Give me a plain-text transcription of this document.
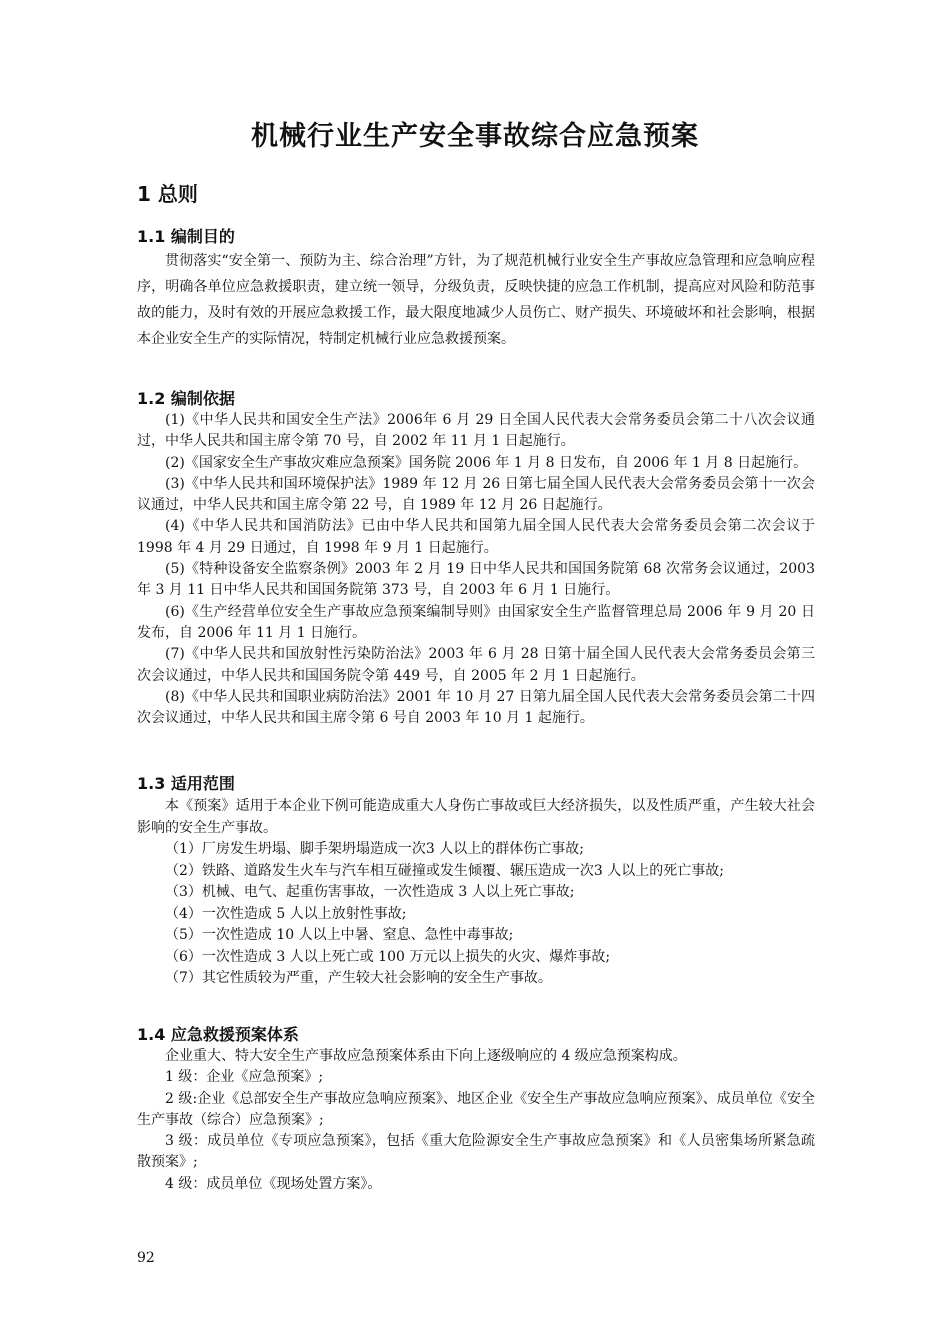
机械行业生产安全事故综合应急预案
1 总则
1.1 编制目的

贯彻落实“安全第一、预防为主、综合治理”方针，为了规范机械行业安全生产事故应急管理和应急响应程序，明确各单位应急救援职责，建立统一领导，分级负责，反映快捷的应急工作机制，提高应对风险和防范事故的能力，及时有效的开展应急救援工作，最大限度地减少人员伤亡、财产损失、环境破坏和社会影响，根据本企业安全生产的实际情况，特制定机械行业应急救援预案。

1.2 编制依据

(1)《中华人民共和国安全生产法》2006年 6 月 29 日全国人民代表大会常务委员会第二十八次会议通过，中华人民共和国主席令第 70 号，自 2002 年 11 月 1 日起施行。

(2)《国家安全生产事故灾难应急预案》国务院 2006 年 1 月 8 日发布，自 2006 年 1 月 8 日起施行。

(3)《中华人民共和国环境保护法》1989 年 12 月 26 日第七届全国人民代表大会常务委员会第十一次会议通过，中华人民共和国主席令第 22 号，自 1989 年 12 月 26 日起施行。

(4)《中华人民共和国消防法》已由中华人民共和国第九届全国人民代表大会常务委员会第二次会议于 1998 年 4 月 29 日通过，自 1998 年 9 月 1 日起施行。

(5)《特种设备安全监察条例》2003 年 2 月 19 日中华人民共和国国务院第 68 次常务会议通过，2003 年 3 月 11 日中华人民共和国国务院第 373 号，自 2003 年 6 月 1 日施行。

(6)《生产经营单位安全生产事故应急预案编制导则》由国家安全生产监督管理总局 2006 年 9 月 20 日发布，自 2006 年 11 月 1 日施行。

(7)《中华人民共和国放射性污染防治法》2003 年 6 月 28 日第十届全国人民代表大会常务委员会第三次会议通过，中华人民共和国国务院令第 449 号，自 2005 年 2 月 1 日起施行。

(8)《中华人民共和国职业病防治法》2001 年 10 月 27 日第九届全国人民代表大会常务委员会第二十四次会议通过，中华人民共和国主席令第 6 号自 2003 年 10 月 1 起施行。

1.3 适用范围

本《预案》适用于本企业下例可能造成重大人身伤亡事故或巨大经济损失，以及性质严重，产生较大社会影响的安全生产事故。

（1）厂房发生坍塌、脚手架坍塌造成一次3 人以上的群体伤亡事故;

（2）铁路、道路发生火车与汽车相互碰撞或发生倾覆、辗压造成一次3 人以上的死亡事故;

（3）机械、电气、起重伤害事故，一次性造成 3 人以上死亡事故;

（4）一次性造成 5 人以上放射性事故;

（5）一次性造成 10 人以上中暑、窒息、急性中毒事故;

（6）一次性造成 3 人以上死亡或 100 万元以上损失的火灾、爆炸事故;

（7）其它性质较为严重，产生较大社会影响的安全生产事故。

1.4 应急救援预案体系

企业重大、特大安全生产事故应急预案体系由下向上逐级响应的 4 级应急预案构成。

1 级：企业《应急预案》;

2 级:企业《总部安全生产事故应急响应预案》、地区企业《安全生产事故应急响应预案》、成员单位《安全生产事故（综合）应急预案》;

3 级：成员单位《专项应急预案》，包括《重大危险源安全生产事故应急预案》和《人员密集场所紧急疏散预案》;

4 级：成员单位《现场处置方案》。

92
